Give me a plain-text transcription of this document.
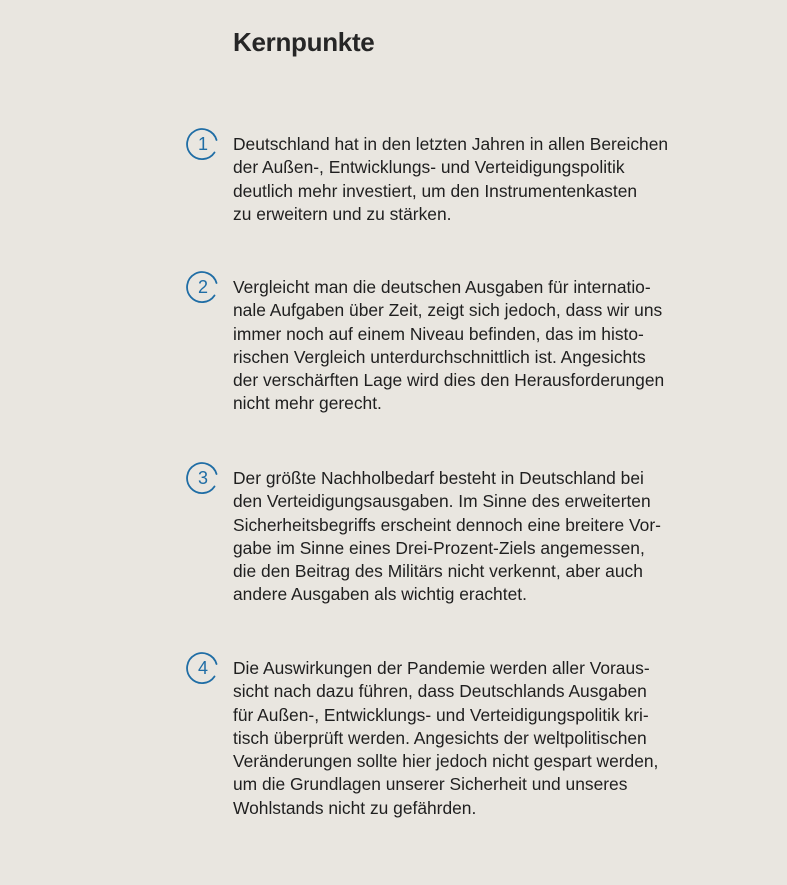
Kernpunkte
1	Deutschland hat in den letzten Jahren in allen Bereichen
der Außen-, Entwicklungs- und Verteidigungspolitik
deutlich mehr investiert, um den Instrumentenkasten
zu erweitern und zu stärken.

2	Vergleicht man die deutschen Ausgaben für internatio-
nale Aufgaben über Zeit, zeigt sich jedoch, dass wir uns
immer noch auf einem Niveau befinden, das im histo-
rischen Vergleich unterdurchschnittlich ist. Angesichts
der verschärften Lage wird dies den Herausforderungen
nicht mehr gerecht.

3	Der größte Nachholbedarf besteht in Deutschland bei
den Verteidigungsausgaben. Im Sinne des erweiterten
Sicherheitsbegriffs erscheint dennoch eine breitere Vor-
gabe im Sinne eines Drei-Prozent-Ziels angemessen,
die den Beitrag des Militärs nicht verkennt, aber auch
andere Ausgaben als wichtig erachtet.

4	Die Auswirkungen der Pandemie werden aller Voraus-
sicht nach dazu führen, dass Deutschlands Ausgaben
für Außen-, Entwicklungs- und Verteidigungspolitik kri-
tisch überprüft werden. Angesichts der weltpolitischen
Veränderungen sollte hier jedoch nicht gespart werden,
um die Grundlagen unserer Sicherheit und unseres
Wohlstands nicht zu gefährden.
